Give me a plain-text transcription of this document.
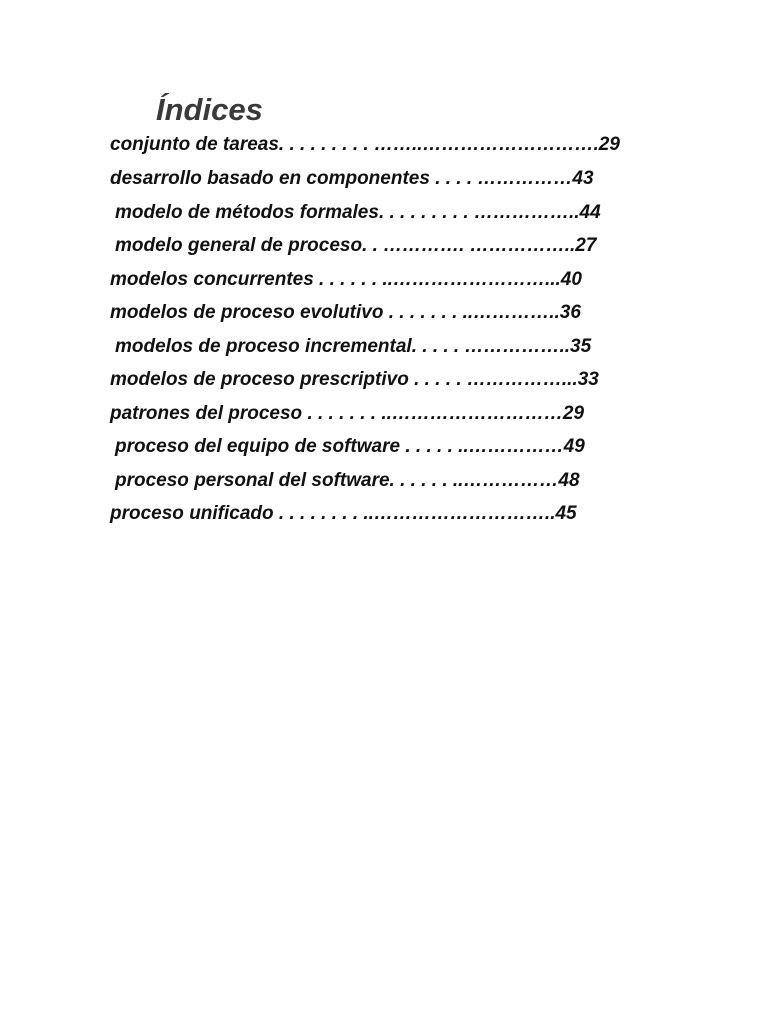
Índices
conjunto de tareas. . . . . . . . . ……..……………………….29
desarrollo basado en componentes . . . . ……………43
modelo de métodos formales. . . . . . . . . ……………..44
modelo general de proceso. . …………. ……………..27
modelos concurrentes . . . . . . ..……………………...40
modelos de proceso evolutivo . . . . . . . ..…………..36
modelos de proceso incremental. . . . . ……………..35
modelos de proceso prescriptivo . . . . . ……………...33
patrones del proceso . . . . . . . ..………………………29
proceso del equipo de software . . . . . ..……………49
proceso personal del software. . . . . . ..……………48
proceso unificado . . . . . . . . ..………………………..45
